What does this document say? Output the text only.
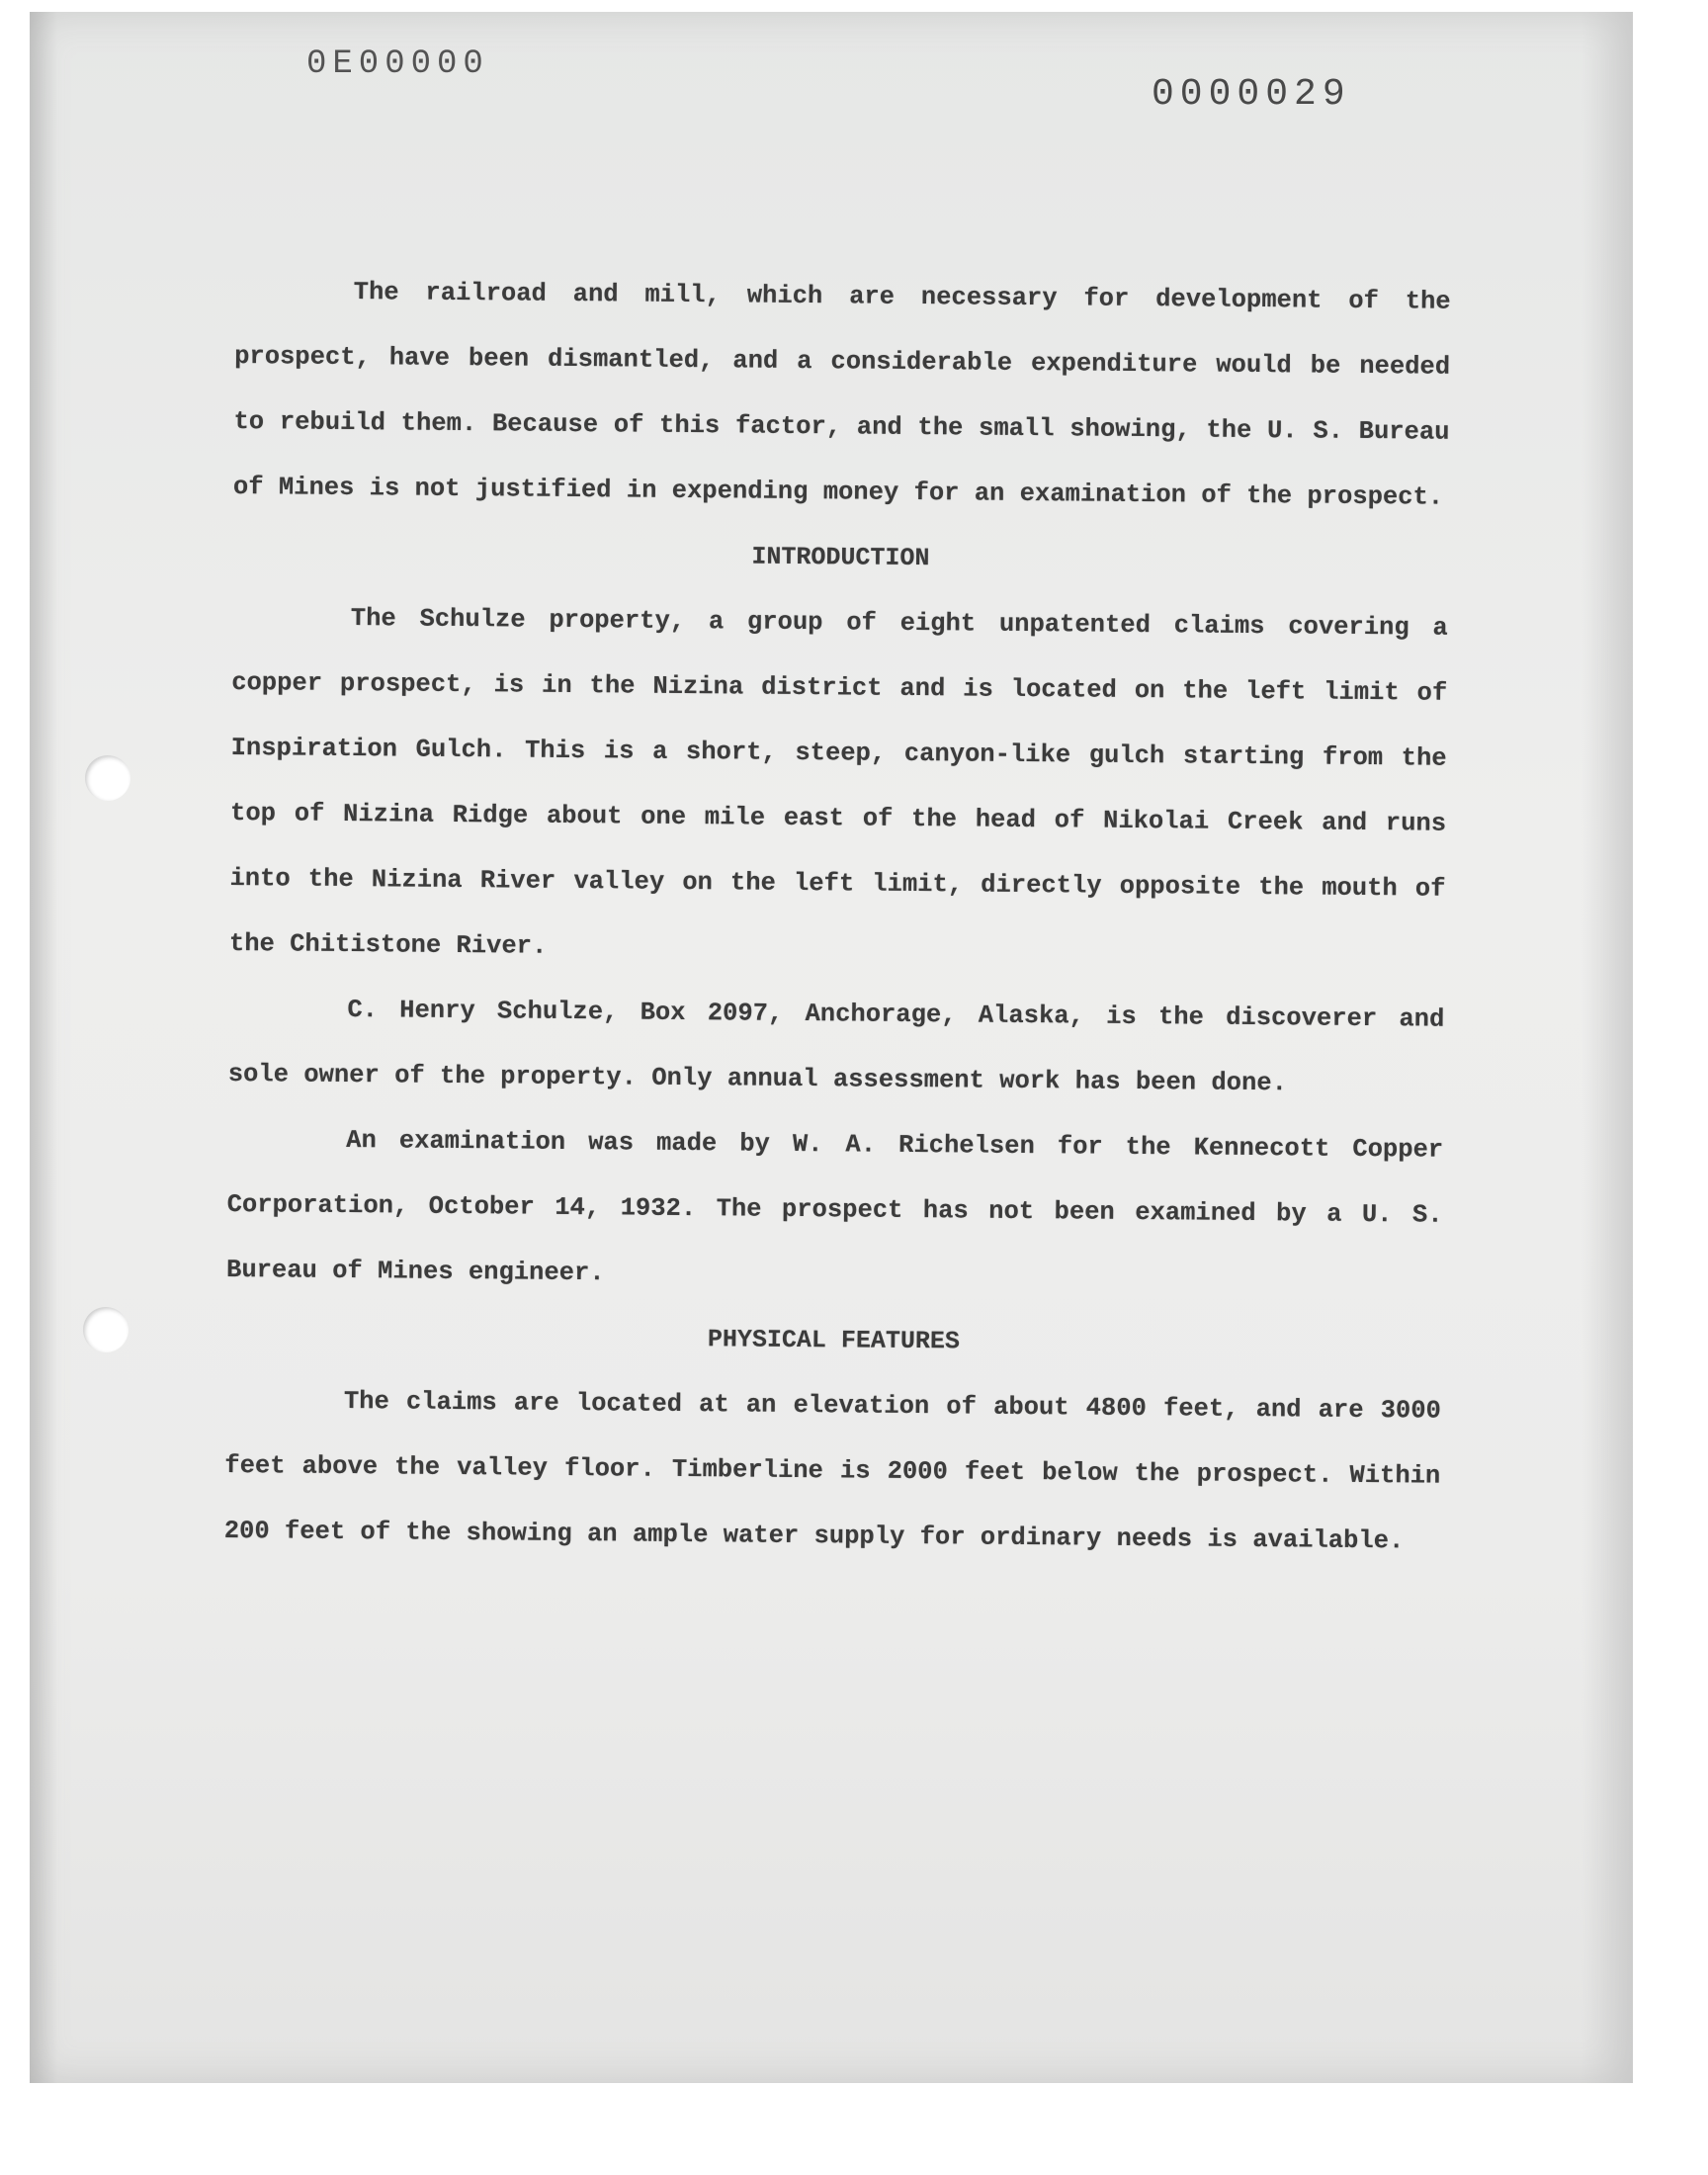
0E00000
0000029

The railroad and mill, which are necessary for development of the prospect, have been dismantled, and a considerable expenditure would be needed to rebuild them. Because of this factor, and the small showing, the U. S. Bureau of Mines is not justified in expending money for an examination of the prospect.

INTRODUCTION

The Schulze property, a group of eight unpatented claims covering a copper prospect, is in the Nizina district and is located on the left limit of Inspiration Gulch. This is a short, steep, canyon-like gulch starting from the top of Nizina Ridge about one mile east of the head of Nikolai Creek and runs into the Nizina River valley on the left limit, directly opposite the mouth of the Chitistone River.

C. Henry Schulze, Box 2097, Anchorage, Alaska, is the discoverer and sole owner of the property. Only annual assessment work has been done.

An examination was made by W. A. Richelsen for the Kennecott Copper Corporation, October 14, 1932. The prospect has not been examined by a U. S. Bureau of Mines engineer.

PHYSICAL FEATURES

The claims are located at an elevation of about 4800 feet, and are 3000 feet above the valley floor. Timberline is 2000 feet below the prospect. Within 200 feet of the showing an ample water supply for ordinary needs is available.
